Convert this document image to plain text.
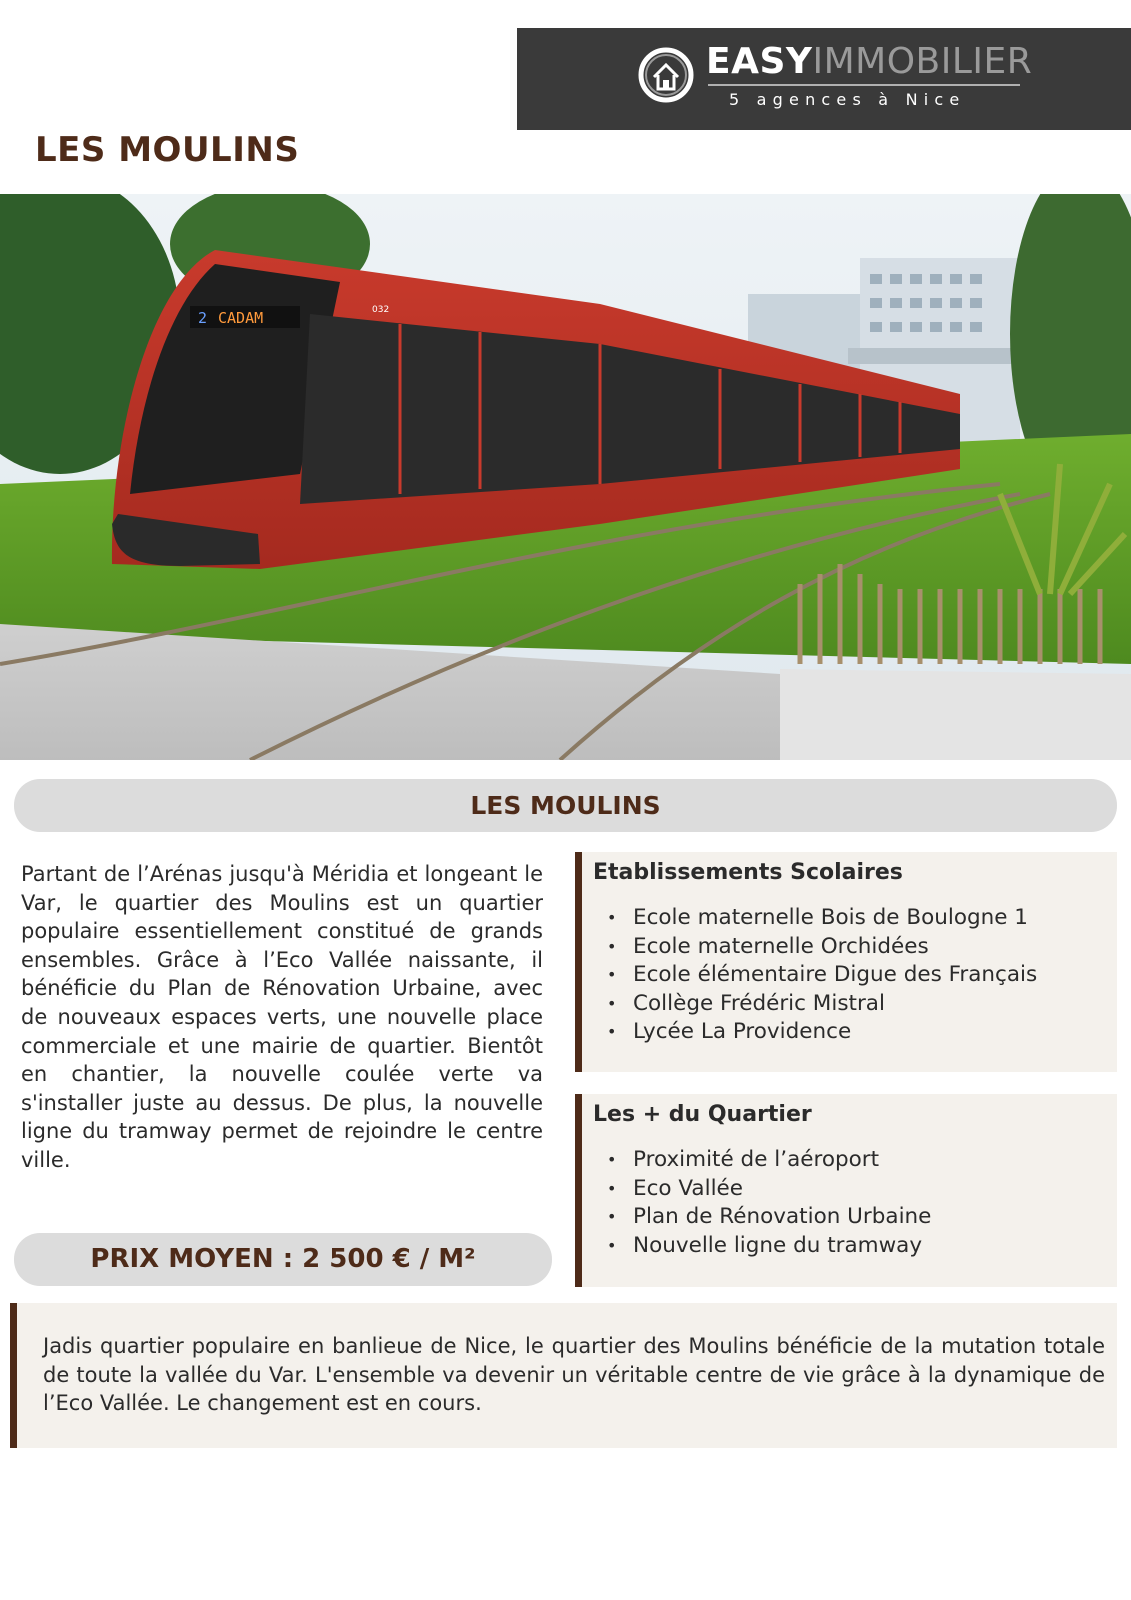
EASYIMMOBILIER
5 agences à Nice
LES MOULINS
2 CADAM	032
LES MOULINS

Partant de l’Arénas jusqu'à Méridia et longeant le Var, le quartier des Moulins est un quartier populaire essentiellement constitué de grands ensembles. Grâce à l’Eco Vallée naissante, il bénéficie du Plan de Rénovation Urbaine, avec de nouveaux espaces verts, une nouvelle place commerciale et une mairie de quartier. Bientôt en chantier, la nouvelle coulée verte va s'installer juste au dessus. De plus, la nouvelle ligne du tramway permet de rejoindre le centre ville.

PRIX MOYEN : 2 500 € / M²
Etablissements Scolaires
• Ecole maternelle Bois de Boulogne 1
• Ecole maternelle Orchidées
• Ecole élémentaire Digue des Français
• Collège Frédéric Mistral
• Lycée La Providence
Les + du Quartier
• Proximité de l’aéroport
• Eco Vallée
• Plan de Rénovation Urbaine
• Nouvelle ligne du tramway

Jadis quartier populaire en banlieue de Nice, le quartier des Moulins bénéficie de la mutation totale de toute la vallée du Var. L'ensemble va devenir un véritable centre de vie grâce à la dynamique de l’Eco Vallée. Le changement est en cours.
